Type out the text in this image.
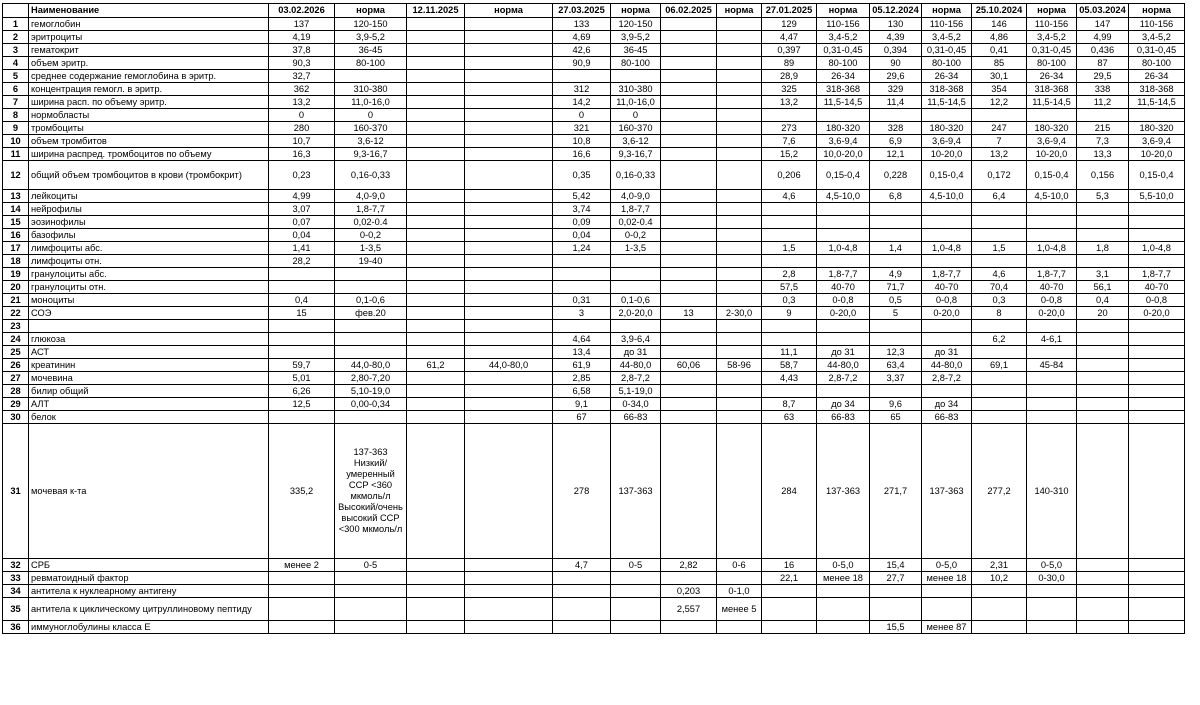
	Наименование	03.02.2026	норма	12.11.2025	норма	27.03.2025	норма	06.02.2025	норма	27.01.2025	норма	05.12.2024	норма	25.10.2024	норма	05.03.2024	норма
1	гемоглобин	137	120-150			133	120-150			129	110-156	130	110-156	146	110-156	147	110-156
2	эритроциты	4,19	3,9-5,2			4,69	3,9-5,2			4,47	3,4-5,2	4,39	3,4-5,2	4,86	3,4-5,2	4,99	3,4-5,2
3	гематокрит	37,8	36-45			42,6	36-45			0,397	0,31-0,45	0,394	0,31-0,45	0,41	0,31-0,45	0,436	0,31-0,45
4	объем эритр.	90,3	80-100			90,9	80-100			89	80-100	90	80-100	85	80-100	87	80-100
5	среднее содержание гемоглобина в эритр.	32,7								28,9	26-34	29,6	26-34	30,1	26-34	29,5	26-34
6	концентрация гемогл. в эритр.	362	310-380			312	310-380			325	318-368	329	318-368	354	318-368	338	318-368
7	ширина расп. по объему эритр.	13,2	11,0-16,0			14,2	11,0-16,0			13,2	11,5-14,5	11,4	11,5-14,5	12,2	11,5-14,5	11,2	11,5-14,5
8	нормобласты	0	0			0	0										
9	тромбоциты	280	160-370			321	160-370			273	180-320	328	180-320	247	180-320	215	180-320
10	объем тромбитов	10,7	3,6-12			10,8	3,6-12			7,6	3,6-9,4	6,9	3,6-9,4	7	3,6-9,4	7,3	3,6-9,4
11	ширина распред. тромбоцитов по объему	16,3	9,3-16,7			16,6	9,3-16,7			15,2	10,0-20,0	12,1	10-20,0	13,2	10-20,0	13,3	10-20,0
12	общий объем тромбоцитов в крови (тромбокрит)	0,23	0,16-0,33			0,35	0,16-0,33			0,206	0,15-0,4	0,228	0,15-0,4	0,172	0,15-0,4	0,156	0,15-0,4
13	лейкоциты	4,99	4,0-9,0			5,42	4,0-9,0			4,6	4,5-10,0	6,8	4,5-10,0	6,4	4,5-10,0	5,3	5,5-10,0
14	нейрофилы	3,07	1,8-7,7			3,74	1,8-7,7										
15	эозинофилы	0,07	0,02-0.4			0,09	0,02-0.4										
16	базофилы	0,04	0-0,2			0,04	0-0,2										
17	лимфоциты абс.	1,41	1-3,5			1,24	1-3,5			1,5	1,0-4,8	1,4	1,0-4,8	1,5	1,0-4,8	1,8	1,0-4,8
18	лимфоциты отн.	28,2	19-40														
19	гранулоциты абс.									2,8	1,8-7,7	4,9	1,8-7,7	4,6	1,8-7,7	3,1	1,8-7,7
20	гранулоциты отн.									57,5	40-70	71,7	40-70	70,4	40-70	56,1	40-70
21	моноциты	0,4	0,1-0,6			0,31	0,1-0,6			0,3	0-0,8	0,5	0-0,8	0,3	0-0,8	0,4	0-0,8
22	СОЭ	15	фев.20			3	2,0-20,0	13	2-30,0	9	0-20,0	5	0-20,0	8	0-20,0	20	0-20,0
23																	
24	глюкоза					4,64	3,9-6,4							6,2	4-6,1		
25	АСТ					13,4	до 31			11,1	до 31	12,3	до 31				
26	креатинин	59,7	44,0-80,0	61,2	44,0-80,0	61,9	44-80,0	60,06	58-96	58,7	44-80,0	63,4	44-80,0	69,1	45-84		
27	мочевина	5,01	2,80-7,20			2,85	2,8-7,2			4,43	2,8-7,2	3,37	2,8-7,2				
28	билир общий	6,26	5,10-19,0			6,58	5,1-19,0										
29	АЛТ	12,5	0,00-0,34			9,1	0-34,0			8,7	до 34	9,6	до 34				
30	белок					67	66-83			63	66-83	65	66-83				
31	мочевая к-та	335,2	137-363 Низкий/умеренный ССР <360 мкмоль/л Высокий/очень высокий ССР <300 мкмоль/л			278	137-363			284	137-363	271,7	137-363	277,2	140-310		
32	СРБ	менее 2	0-5			4,7	0-5	2,82	0-6	16	0-5,0	15,4	0-5,0	2,31	0-5,0		
33	ревматоидный фактор									22,1	менее 18	27,7	менее 18	10,2	0-30,0		
34	антитела к нуклеарному антигену							0,203	0-1,0								
35	антитела к циклическому цитруллиновому пептиду							2,557	менее 5								
36	иммуноглобулины класса Е											15,5	менее 87				
